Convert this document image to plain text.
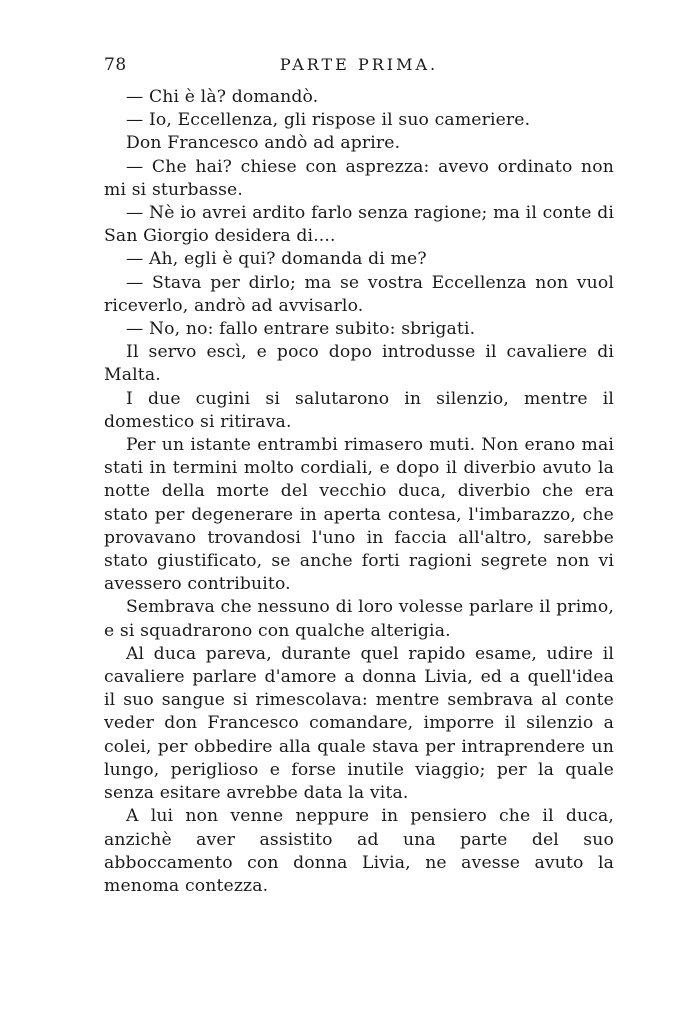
78	PARTE PRIMA.

— Chi è là? domandò.

— Io, Eccellenza, gli rispose il suo cameriere.

Don Francesco andò ad aprire.

— Che hai? chiese con asprezza: avevo ordinato non mi si sturbasse.

— Nè io avrei ardito farlo senza ragione; ma il conte di San Giorgio desidera di....

— Ah, egli è qui? domanda di me?

— Stava per dirlo; ma se vostra Eccellenza non vuol riceverlo, andrò ad avvisarlo.

— No, no: fallo entrare subito: sbrigati.

Il servo escì, e poco dopo introdusse il cavaliere di Malta.

I due cugini si salutarono in silenzio, mentre il domestico si ritirava.

Per un istante entrambi rimasero muti. Non erano mai stati in termini molto cordiali, e dopo il diverbio avuto la notte della morte del vecchio duca, diverbio che era stato per degenerare in aperta contesa, l'imbarazzo, che provavano trovandosi l'uno in faccia all'altro, sarebbe stato giustificato, se anche forti ragioni segrete non vi avessero contribuito.

Sembrava che nessuno di loro volesse parlare il primo, e si squadrarono con qualche alterigia.

Al duca pareva, durante quel rapido esame, udire il cavaliere parlare d'amore a donna Livia, ed a quell'idea il suo sangue si rimescolava: mentre sembrava al conte veder don Francesco comandare, imporre il silenzio a colei, per obbedire alla quale stava per intraprendere un lungo, periglioso e forse inutile viaggio; per la quale senza esitare avrebbe data la vita.

A lui non venne neppure in pensiero che il duca, anzichè aver assistito ad una parte del suo abboccamento con donna Livia, ne avesse avuto la menoma contezza.
